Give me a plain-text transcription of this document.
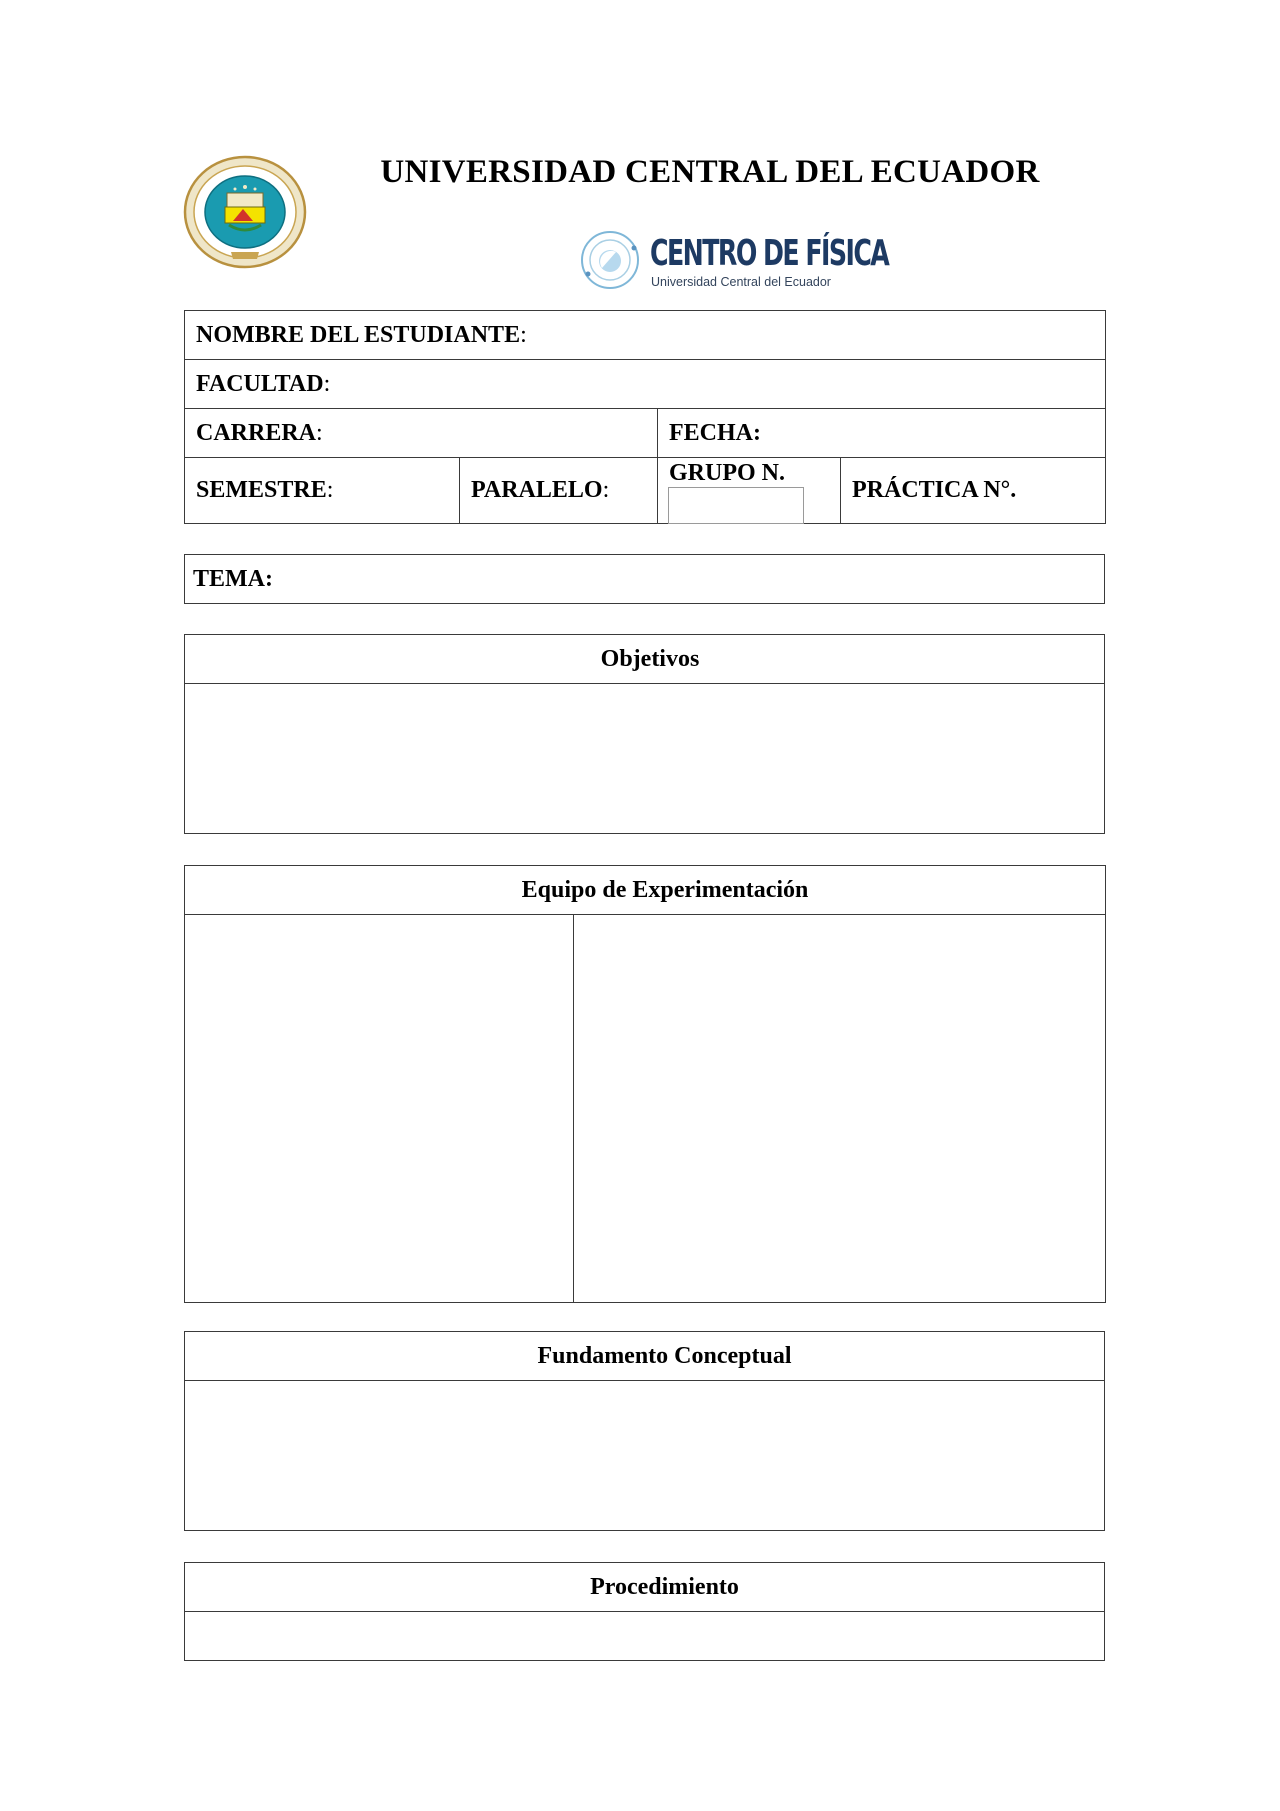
UNIVERSIDAD CENTRAL DEL ECUADOR
CENTRO DE FÍSICA
Universidad Central del Ecuador
NOMBRE DEL ESTUDIANTE:			
FACULTAD:			
CARRERA:		FECHA:	
SEMESTRE:	PARALELO:	GRUPO N.	PRÁCTICA N°.
TEMA:
Objetivos

Equipo de Experimentación

Fundamento Conceptual

Procedimiento
